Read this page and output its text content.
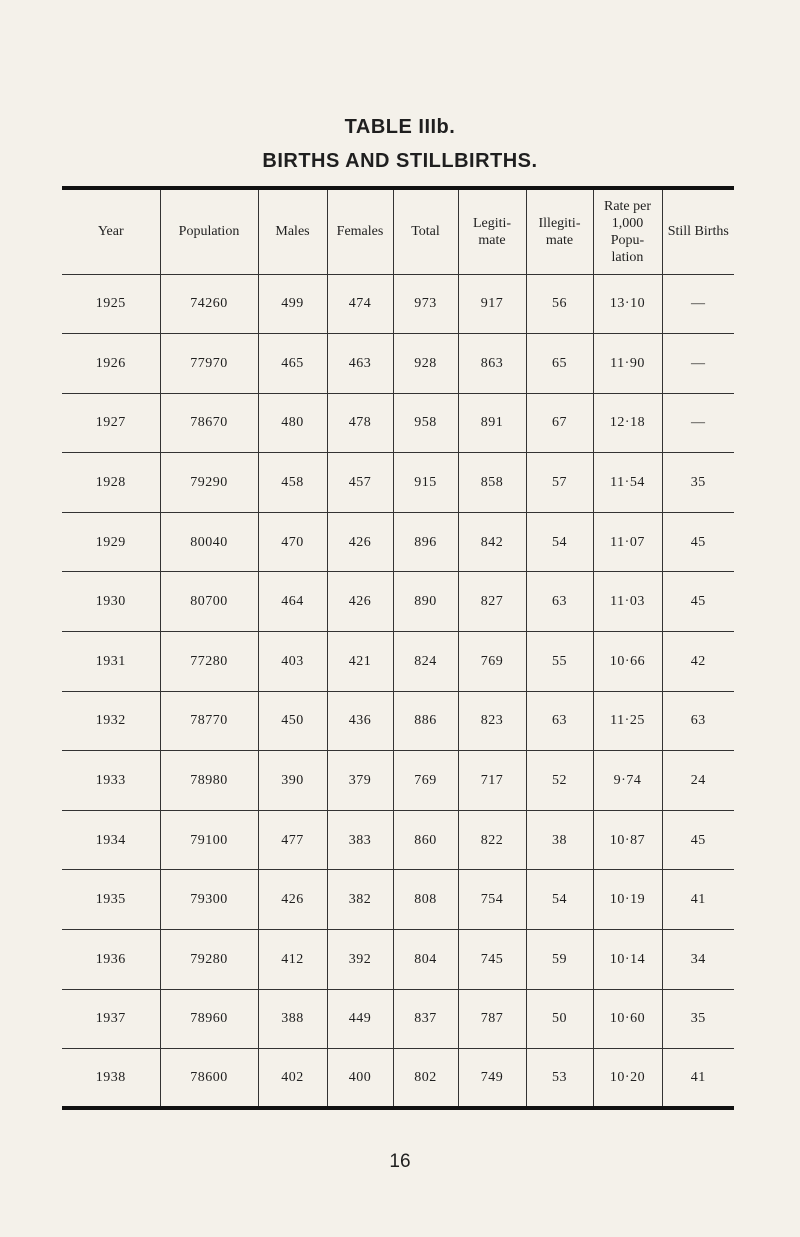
TABLE IIIb.
BIRTHS AND STILLBIRTHS.
Year	Population	Males	Females	Total	Legiti- mate	Illegiti- mate	Rate per 1,000 Popu- lation	Still Births
1925	74260	499	474	973	917	56	13·10	—
1926	77970	465	463	928	863	65	11·90	—
1927	78670	480	478	958	891	67	12·18	—
1928	79290	458	457	915	858	57	11·54	35
1929	80040	470	426	896	842	54	11·07	45
1930	80700	464	426	890	827	63	11·03	45
1931	77280	403	421	824	769	55	10·66	42
1932	78770	450	436	886	823	63	11·25	63
1933	78980	390	379	769	717	52	9·74	24
1934	79100	477	383	860	822	38	10·87	45
1935	79300	426	382	808	754	54	10·19	41
1936	79280	412	392	804	745	59	10·14	34
1937	78960	388	449	837	787	50	10·60	35
1938	78600	402	400	802	749	53	10·20	41
16
